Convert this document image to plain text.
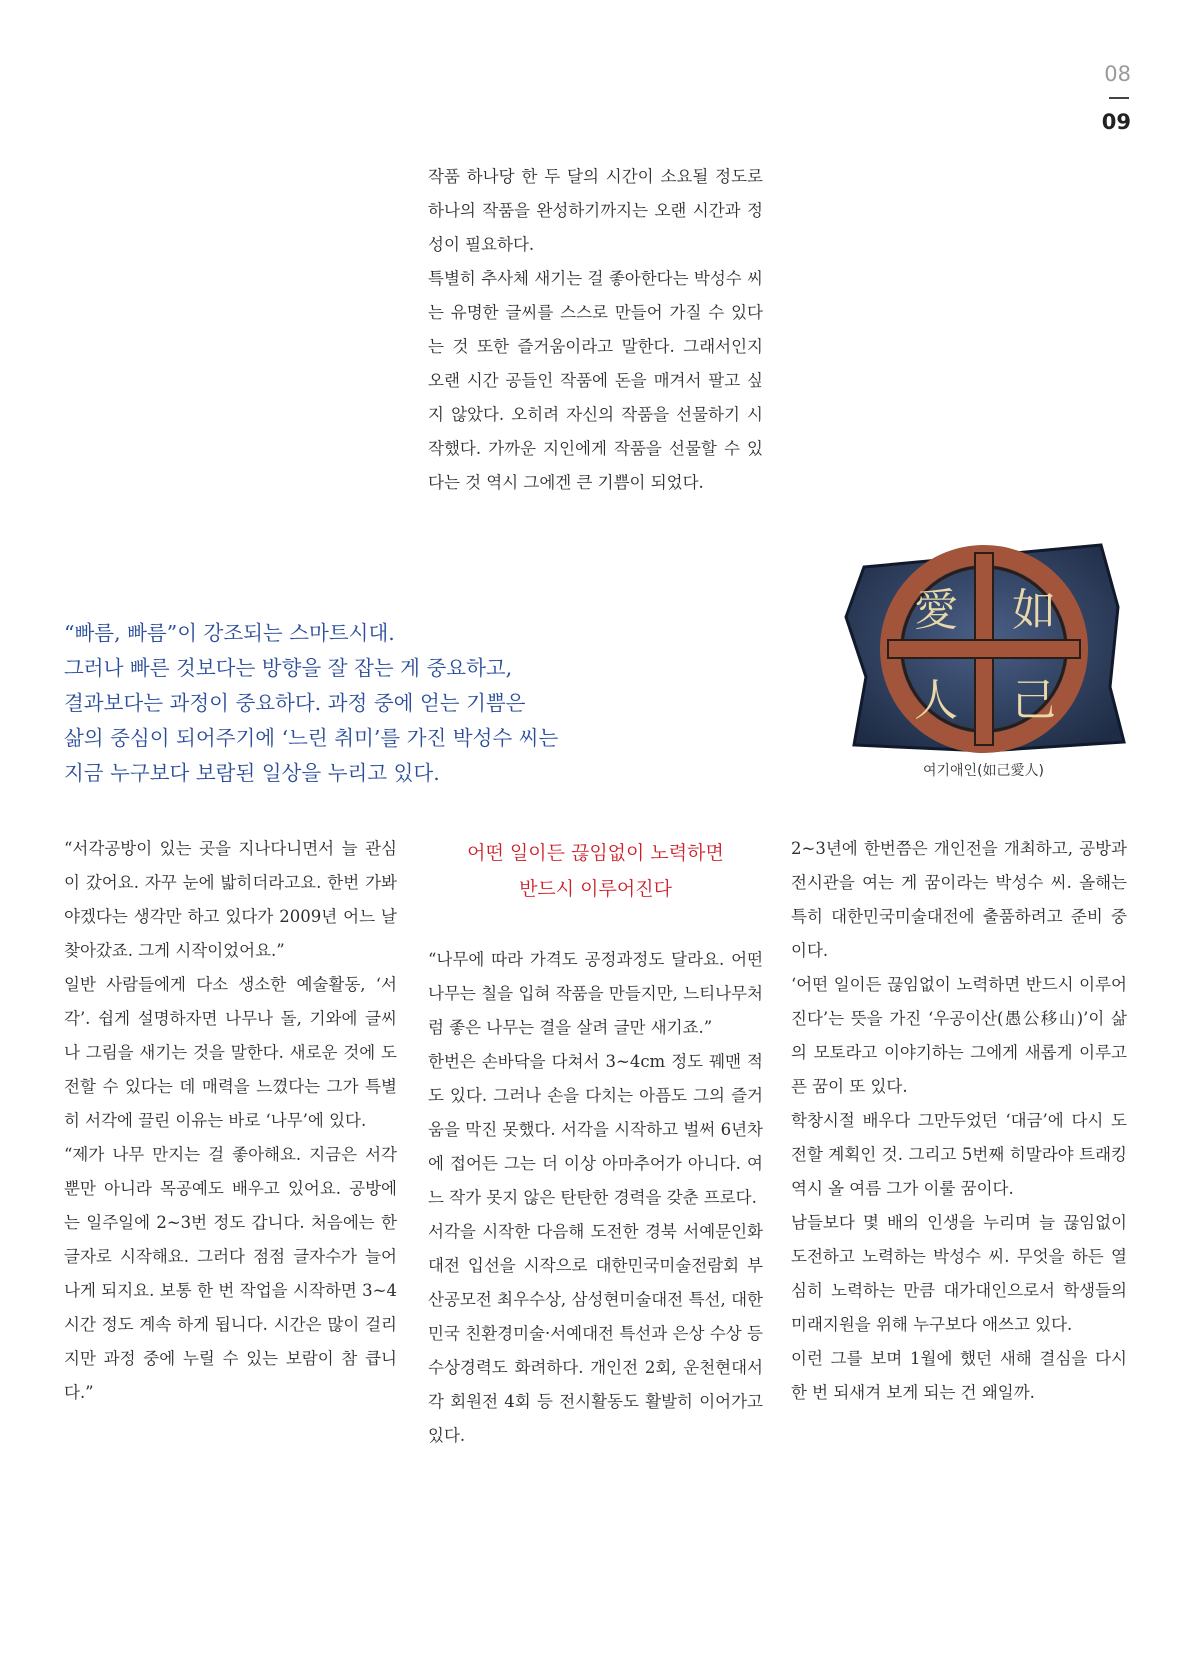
08
09

작품 하나당 한 두 달의 시간이 소요될 정도로 하나의 작품을 완성하기까지는 오랜 시간과 정성이 필요하다.

특별히 추사체 새기는 걸 좋아한다는 박성수 씨는 유명한 글씨를 스스로 만들어 가질 수 있다는 것 또한 즐거움이라고 말한다. 그래서인지 오랜 시간 공들인 작품에 돈을 매겨서 팔고 싶지 않았다. 오히려 자신의 작품을 선물하기 시작했다. 가까운 지인에게 작품을 선물할 수 있다는 것 역시 그에겐 큰 기쁨이 되었다.

“빠름, 빠름”이 강조되는 스마트시대.

그러나 빠른 것보다는 방향을 잘 잡는 게 중요하고,

결과보다는 과정이 중요하다. 과정 중에 얻는 기쁨은

삶의 중심이 되어주기에 ‘느린 취미’를 가진 박성수 씨는

지금 누구보다 보람된 일상을 누리고 있다.

愛 如
人 己
여기애인(如己愛人)

“서각공방이 있는 곳을 지나다니면서 늘 관심이 갔어요. 자꾸 눈에 밟히더라고요. 한번 가봐야겠다는 생각만 하고 있다가 2009년 어느 날 찾아갔죠. 그게 시작이었어요.”

일반 사람들에게 다소 생소한 예술활동, ‘서각’. 쉽게 설명하자면 나무나 돌, 기와에 글씨나 그림을 새기는 것을 말한다. 새로운 것에 도전할 수 있다는 데 매력을 느꼈다는 그가 특별히 서각에 끌린 이유는 바로 ‘나무’에 있다.

“제가 나무 만지는 걸 좋아해요. 지금은 서각 뿐만 아니라 목공예도 배우고 있어요. 공방에는 일주일에 2~3번 정도 갑니다. 처음에는 한 글자로 시작해요. 그러다 점점 글자수가 늘어나게 되지요. 보통 한 번 작업을 시작하면 3~4시간 정도 계속 하게 됩니다. 시간은 많이 걸리지만 과정 중에 누릴 수 있는 보람이 참 큽니다.”

어떤 일이든 끊임없이 노력하면

반드시 이루어진다

“나무에 따라 가격도 공정과정도 달라요. 어떤 나무는 칠을 입혀 작품을 만들지만, 느티나무처럼 좋은 나무는 결을 살려 글만 새기죠.”

한번은 손바닥을 다쳐서 3~4cm 정도 꿰맨 적도 있다. 그러나 손을 다치는 아픔도 그의 즐거움을 막진 못했다. 서각을 시작하고 벌써 6년차에 접어든 그는 더 이상 아마추어가 아니다. 여느 작가 못지 않은 탄탄한 경력을 갖춘 프로다.

서각을 시작한 다음해 도전한 경북 서예문인화대전 입선을 시작으로 대한민국미술전람회 부산공모전 최우수상, 삼성현미술대전 특선, 대한민국 친환경미술·서예대전 특선과 은상 수상 등 수상경력도 화려하다. 개인전 2회, 운천현대서각 회원전 4회 등 전시활동도 활발히 이어가고 있다.

2~3년에 한번쯤은 개인전을 개최하고, 공방과 전시관을 여는 게 꿈이라는 박성수 씨. 올해는 특히 대한민국미술대전에 출품하려고 준비 중이다.

‘어떤 일이든 끊임없이 노력하면 반드시 이루어진다’는 뜻을 가진 ‘우공이산(愚公移山)’이 삶의 모토라고 이야기하는 그에게 새롭게 이루고픈 꿈이 또 있다.

학창시절 배우다 그만두었던 ‘대금’에 다시 도전할 계획인 것. 그리고 5번째 히말라야 트래킹 역시 올 여름 그가 이룰 꿈이다.

남들보다 몇 배의 인생을 누리며 늘 끊임없이 도전하고 노력하는 박성수 씨. 무엇을 하든 열심히 노력하는 만큼 대가대인으로서 학생들의 미래지원을 위해 누구보다 애쓰고 있다.

이런 그를 보며 1월에 했던 새해 결심을 다시 한 번 되새겨 보게 되는 건 왜일까.
